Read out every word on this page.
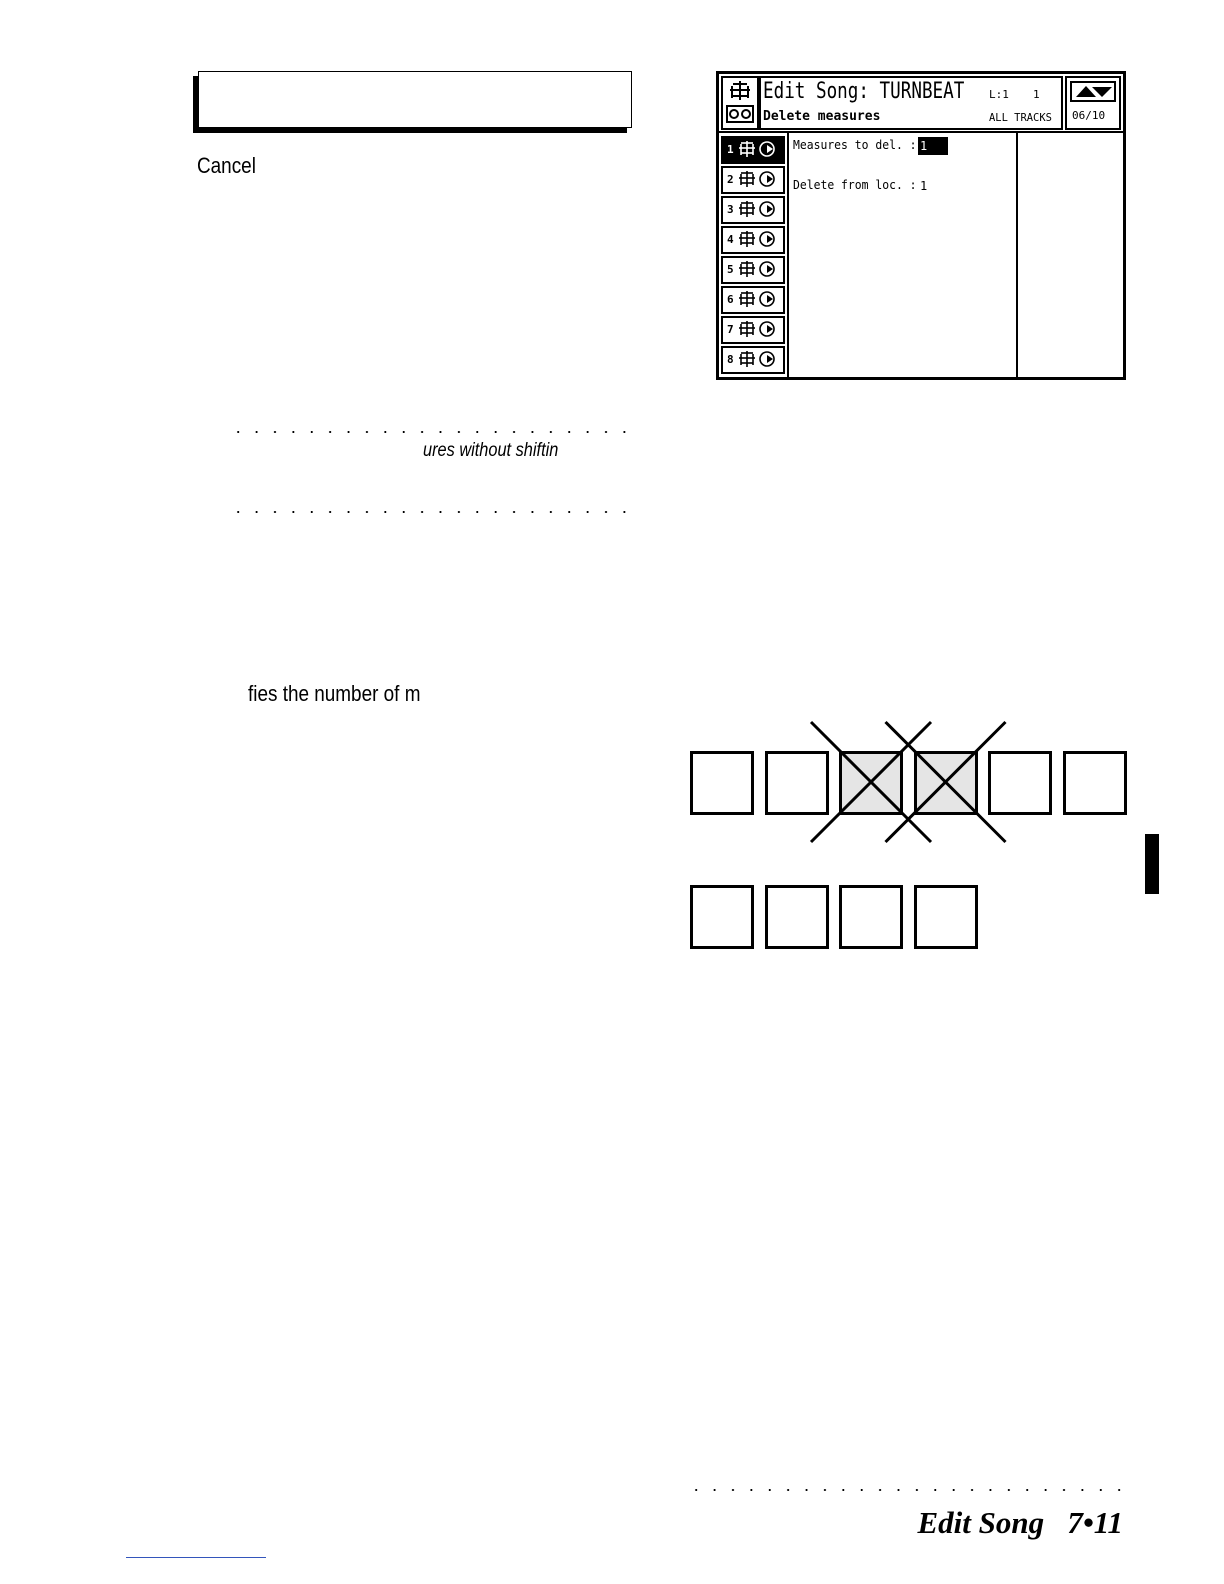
Cancel
ures without shiftin
fies the number of m
Edit Song: TURNBEAT
Delete measures
L:1 1
ALL TRACKS 06/10
1
2
3
4
5
6
7
8
Measures to del. : 1
Delete from loc. : 1
Edit Song 7•11
